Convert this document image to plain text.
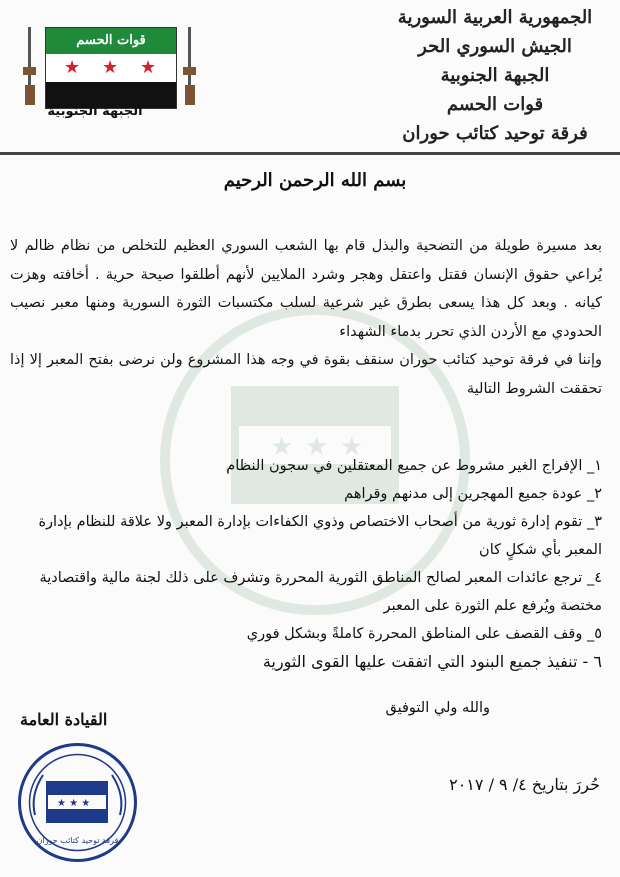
★ ★ ★
الجمهورية العربية السورية
الجيش السوري الحر
الجبهة الجنوبية
قوات الحسم
فرقة توحيد كتائب حوران
قوات الحسم
★ ★ ★
الجبهة الجنوبية
بسم الله الرحمن الرحيم

بعد مسيرة طويلة من التضحية والبذل قام بها الشعب السوري العظيم للتخلص من نظام ظالم لا يُراعي حقوق الإنسان فقتل واعتقل وهجر وشرد الملايين لأنهم أطلقوا صيحة حرية . أخافته وهزت كيانه . وبعد كل هذا يسعى بطرق غير شرعية لسلب مكتسبات الثورة السورية ومنها معبر نصيب الحدودي مع الأردن الذي تحرر بدماء الشهداء

وإننا في فرقة توحيد كتائب حوران سنقف بقوة في وجه هذا المشروع ولن نرضى بفتح المعبر إلا إذا تحققت الشروط التالية

١_ الإفراج الغير مشروط عن جميع المعتقلين في سجون النظام
٢_ عودة جميع المهجرين إلى مدنهم وقراهم
٣_ تقوم إدارة ثورية من أصحاب الاختصاص وذوي الكفاءات بإدارة المعبر ولا علاقة للنظام بإدارة المعبر بأي شكلٍ كان
٤_ ترجع عائدات المعبر لصالح المناطق الثورية المحررة وتشرف على ذلك لجنة مالية واقتصادية مختصة ويُرفع علم الثورة على المعبر
٥_ وقف القصف على المناطق المحررة كاملةً وبشكل فوري
٦ - تنفيذ جميع البنود التي اتفقت عليها القوى الثورية
والله ولي التوفيق
القيادة العامة
حُررَ بتاريخ ٤/ ٩ / ٢٠١٧
★ ★ ★
فرقة توحيد كتائب حوران
